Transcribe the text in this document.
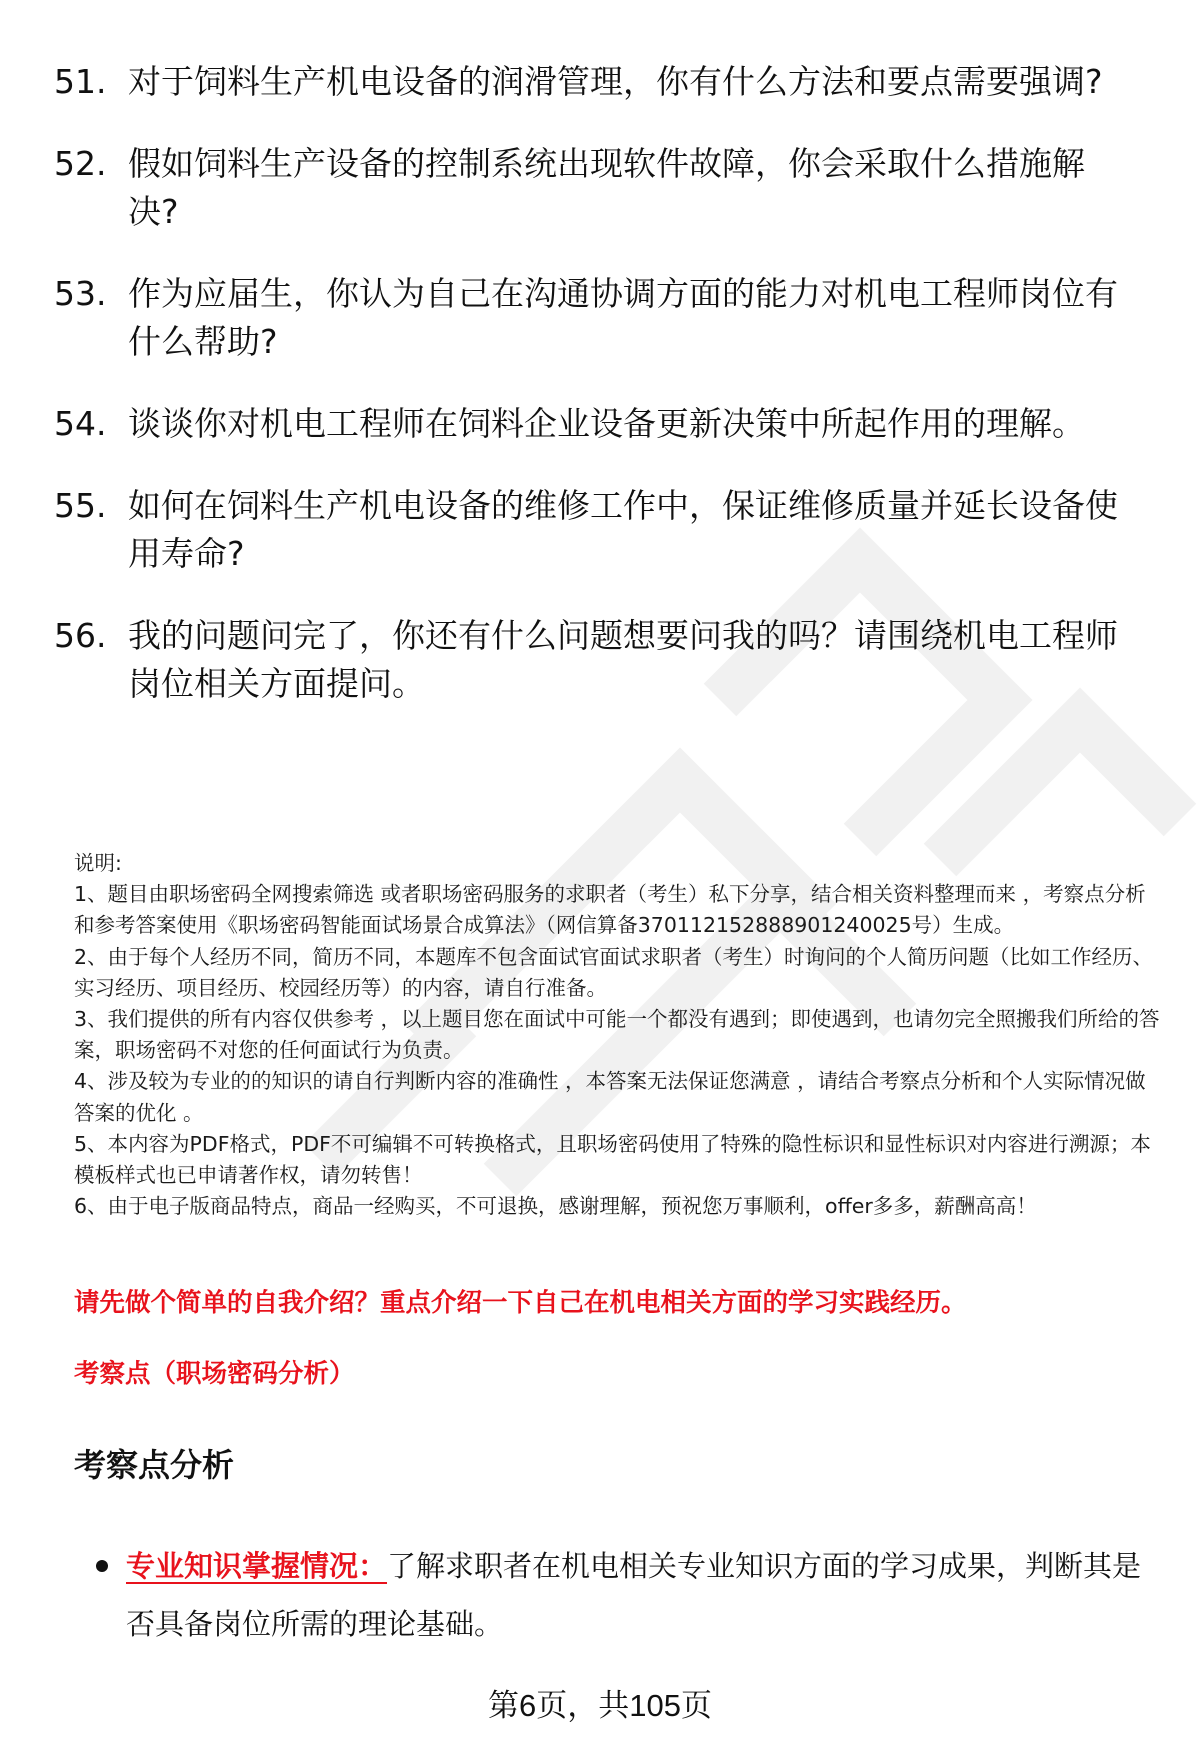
51. 对于饲料生产机电设备的润滑管理，你有什么方法和要点需要强调?
52. 假如饲料生产设备的控制系统出现软件故障，你会采取什么措施解决?
53. 作为应届生，你认为自己在沟通协调方面的能力对机电工程师岗位有什么帮助?
54. 谈谈你对机电工程师在饲料企业设备更新决策中所起作用的理解。
55. 如何在饲料生产机电设备的维修工作中，保证维修质量并延长设备使用寿命?
56. 我的问题问完了，你还有什么问题想要问我的吗？请围绕机电工程师岗位相关方面提问。

说明:

1、题目由职场密码全网搜索筛选 或者职场密码服务的求职者（考生）私下分享，结合相关资料整理而来 ，考察点分析和参考答案使用《职场密码智能面试场景合成算法》（网信算备370112152888901240025号）生成。

2、由于每个人经历不同，简历不同，本题库不包含面试官面试求职者（考生）时询问的个人简历问题（比如工作经历、实习经历、项目经历、校园经历等）的内容，请自行准备。

3、我们提供的所有内容仅供参考 ，以上题目您在面试中可能一个都没有遇到；即使遇到，也请勿完全照搬我们所给的答案，职场密码不对您的任何面试行为负责。

4、涉及较为专业的的知识的请自行判断内容的准确性 ，本答案无法保证您满意 ，请结合考察点分析和个人实际情况做答案的优化 。

5、本内容为PDF格式，PDF不可编辑不可转换格式，且职场密码使用了特殊的隐性标识和显性标识对内容进行溯源；本模板样式也已申请著作权，请勿转售！

6、由于电子版商品特点，商品一经购买，不可退换，感谢理解，预祝您万事顺利，offer多多，薪酬高高！

请先做个简单的自我介绍？重点介绍一下自己在机电相关方面的学习实践经历。
考察点（职场密码分析）
考察点分析
专业知识掌握情况：了解求职者在机电相关专业知识方面的学习成果，判断其是否具备岗位所需的理论基础。
第6页，共105页
